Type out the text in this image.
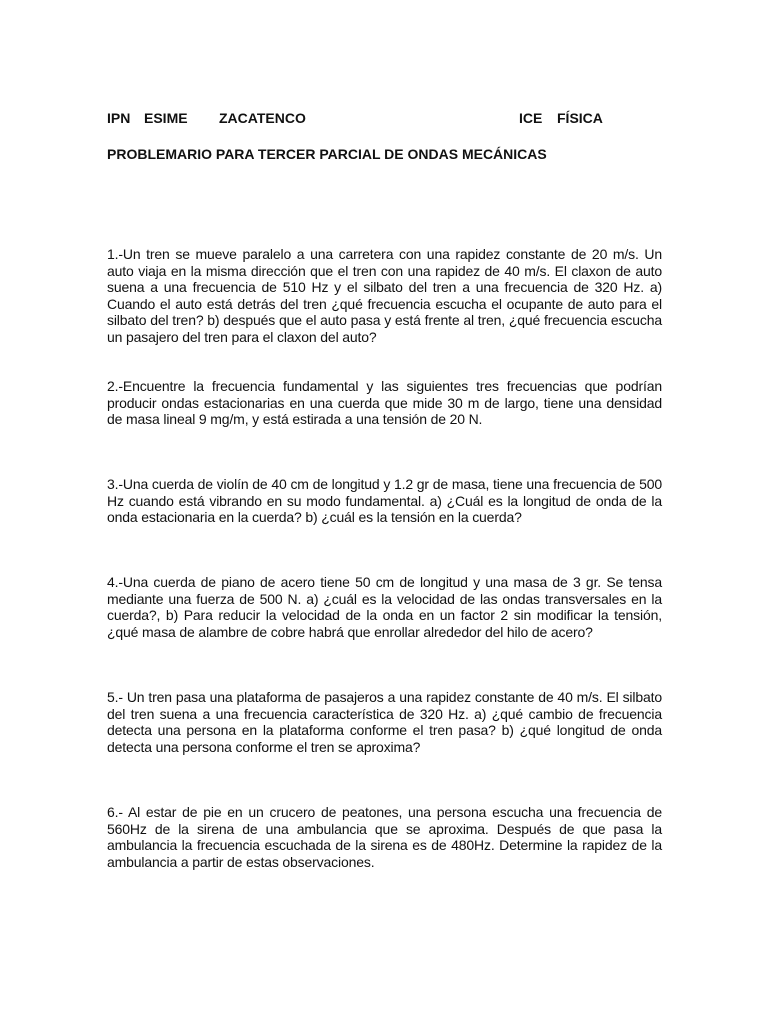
IPN ESIME ZACATENCO	ICE FÍSICA
PROBLEMARIO PARA TERCER PARCIAL DE ONDAS MECÁNICAS

1.-Un tren se mueve paralelo a una carretera con una rapidez constante de 20 m/s. Un auto viaja en la misma dirección que el tren con una rapidez de 40 m/s. El claxon de auto suena a una frecuencia de 510 Hz y el silbato del tren a una frecuencia de 320 Hz. a) Cuando el auto está detrás del tren ¿qué frecuencia escucha el ocupante de auto para el silbato del tren? b) después que el auto pasa y está frente al tren, ¿qué frecuencia escucha un pasajero del tren para el claxon del auto?

2.-Encuentre la frecuencia fundamental y las siguientes tres frecuencias que podrían producir ondas estacionarias en una cuerda que mide 30 m de largo, tiene una densidad de masa lineal 9 mg/m, y está estirada a una tensión de 20 N.

3.-Una cuerda de violín de 40 cm de longitud y 1.2 gr de masa, tiene una frecuencia de 500 Hz cuando está vibrando en su modo fundamental. a) ¿Cuál es la longitud de onda de la onda estacionaria en la cuerda? b) ¿cuál es la tensión en la cuerda?

4.-Una cuerda de piano de acero tiene 50 cm de longitud y una masa de 3 gr. Se tensa mediante una fuerza de 500 N. a) ¿cuál es la velocidad de las ondas transversales en la cuerda?, b) Para reducir la velocidad de la onda en un factor 2 sin modificar la tensión, ¿qué masa de alambre de cobre habrá que enrollar alrededor del hilo de acero?

5.- Un tren pasa una plataforma de pasajeros a una rapidez constante de 40 m/s. El silbato del tren suena a una frecuencia característica de 320 Hz. a) ¿qué cambio de frecuencia detecta una persona en la plataforma conforme el tren pasa? b) ¿qué longitud de onda detecta una persona conforme el tren se aproxima?

6.- Al estar de pie en un crucero de peatones, una persona escucha una frecuencia de 560Hz de la sirena de una ambulancia que se aproxima. Después de que pasa la ambulancia la frecuencia escuchada de la sirena es de 480Hz. Determine la rapidez de la ambulancia a partir de estas observaciones.
